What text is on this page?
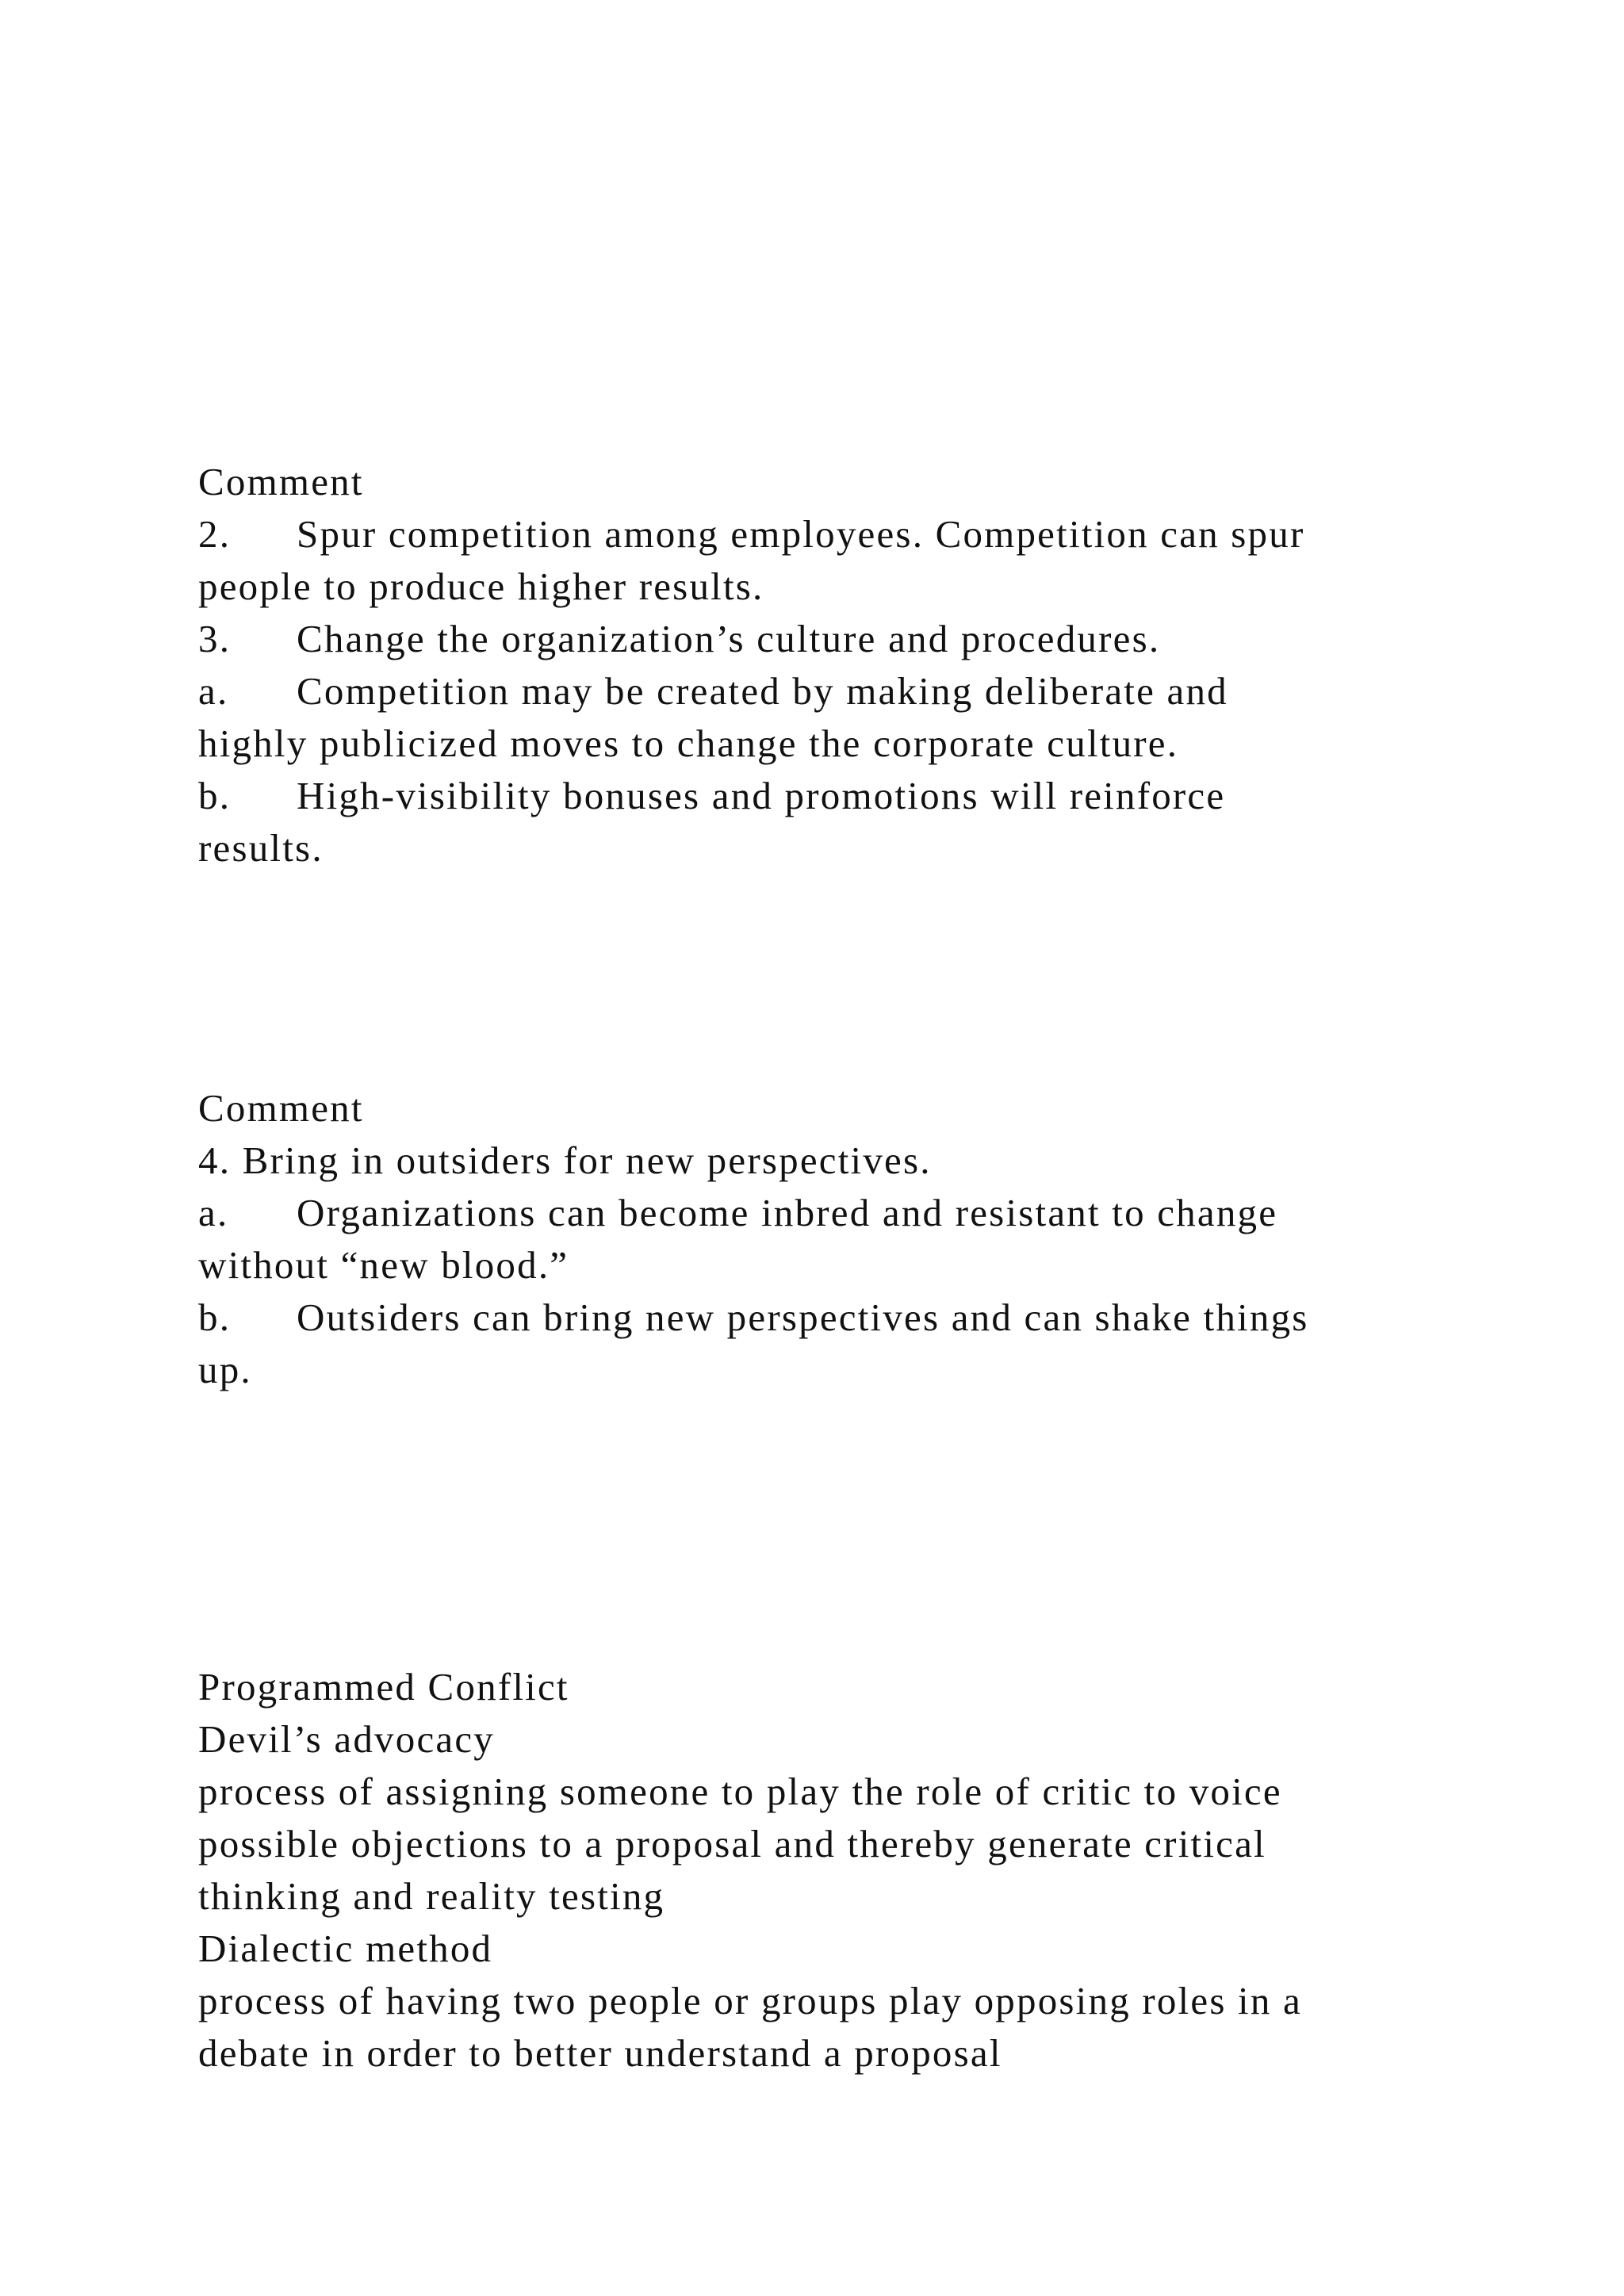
Comment
2. Spur competition among employees. Competition can spur
people to produce higher results.
3. Change the organization’s culture and procedures.
a. Competition may be created by making deliberate and
highly publicized moves to change the corporate culture.
b. High-visibility bonuses and promotions will reinforce
results.
Comment
4. Bring in outsiders for new perspectives.
a. Organizations can become inbred and resistant to change
without “new blood.”
b. Outsiders can bring new perspectives and can shake things
up.
Programmed Conflict
Devil’s advocacy
process of assigning someone to play the role of critic to voice
possible objections to a proposal and thereby generate critical
thinking and reality testing
Dialectic method
process of having two people or groups play opposing roles in a
debate in order to better understand a proposal
